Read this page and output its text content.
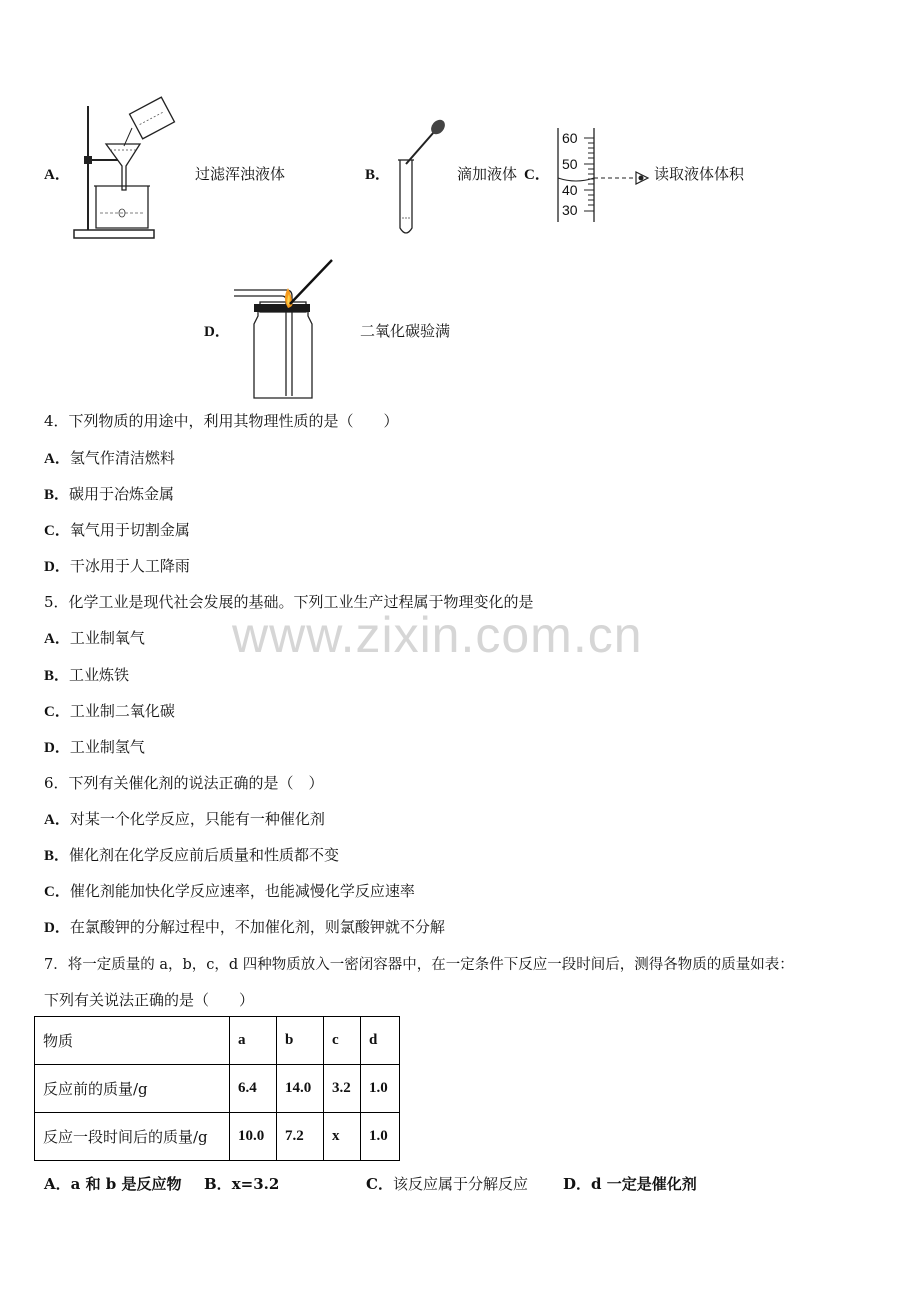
www.zixin.com.cn
A．	过滤浑浊液体	B．	滴加液体 C．
60
50
40
30
读取液体体积
D．	二氧化碳验满
4．下列物质的用途中，利用其物理性质的是（　　）
A．氢气作清洁燃料
B．碳用于冶炼金属
C．氧气用于切割金属
D．干冰用于人工降雨
5．化学工业是现代社会发展的基础。下列工业生产过程属于物理变化的是
A．工业制氧气
B．工业炼铁
C．工业制二氧化碳
D．工业制氢气
6．下列有关催化剂的说法正确的是（　）
A．对某一个化学反应，只能有一种催化剂
B．催化剂在化学反应前后质量和性质都不变
C．催化剂能加快化学反应速率，也能减慢化学反应速率
D．在氯酸钾的分解过程中，不加催化剂，则氯酸钾就不分解
7．将一定质量的 a，b，c，d 四种物质放入一密闭容器中，在一定条件下反应一段时间后，测得各物质的质量如表：
下列有关说法正确的是（　　）
物质	a	b	c	d
反应前的质量/g	6.4	14.0	3.2	1.0
反应一段时间后的质量/g	10.0	7.2	x	1.0
A．a 和 b 是反应物 B．x=3.2	C．该反应属于分解反应 D．d 一定是催化剂
